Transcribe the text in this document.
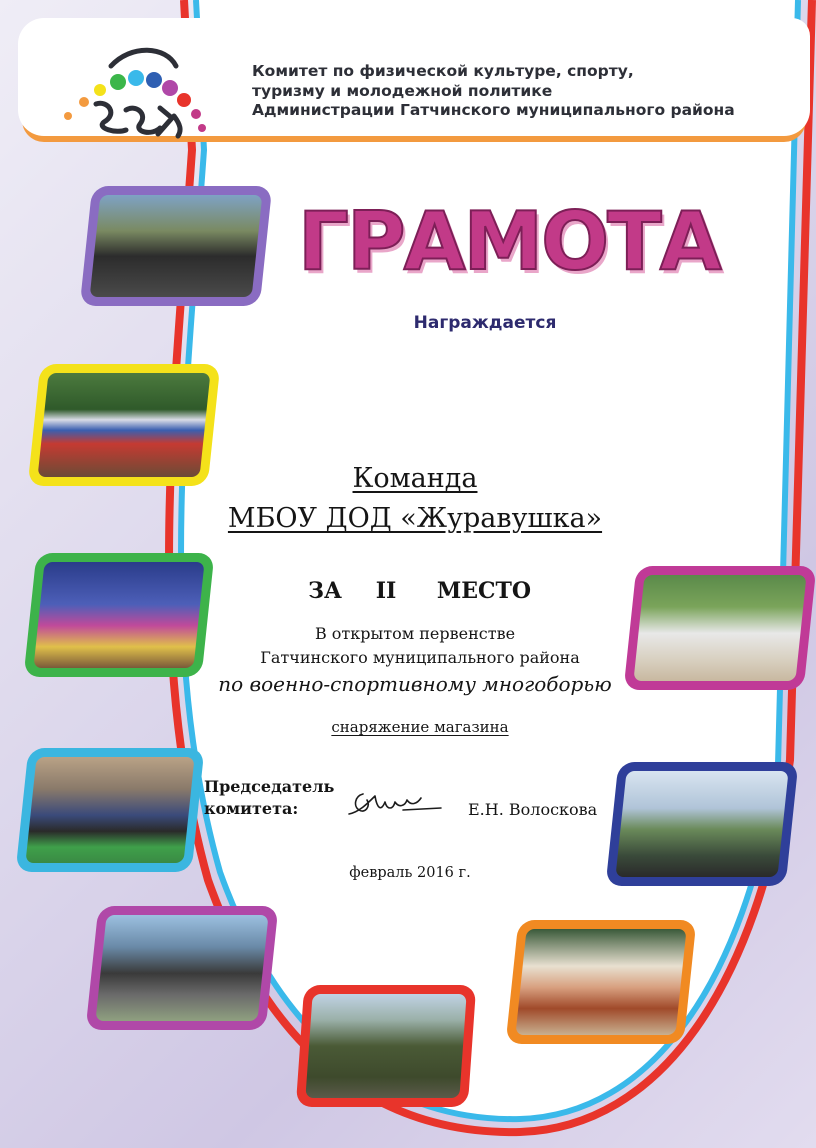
Комитет по физической культуре, спорту,
туризму и молодежной политике
Администрации Гатчинского муниципального района
ГРАМОТА
Награждается
Команда
МБОУ ДОД «Журавушка»
ЗА	II	МЕСТО
В открытом первенстве
Гатчинского муниципального района
по военно-спортивному многоборью
снаряжение магазина
Председатель
комитета:	Е.Н. Волоскова
февраль 2016 г.
